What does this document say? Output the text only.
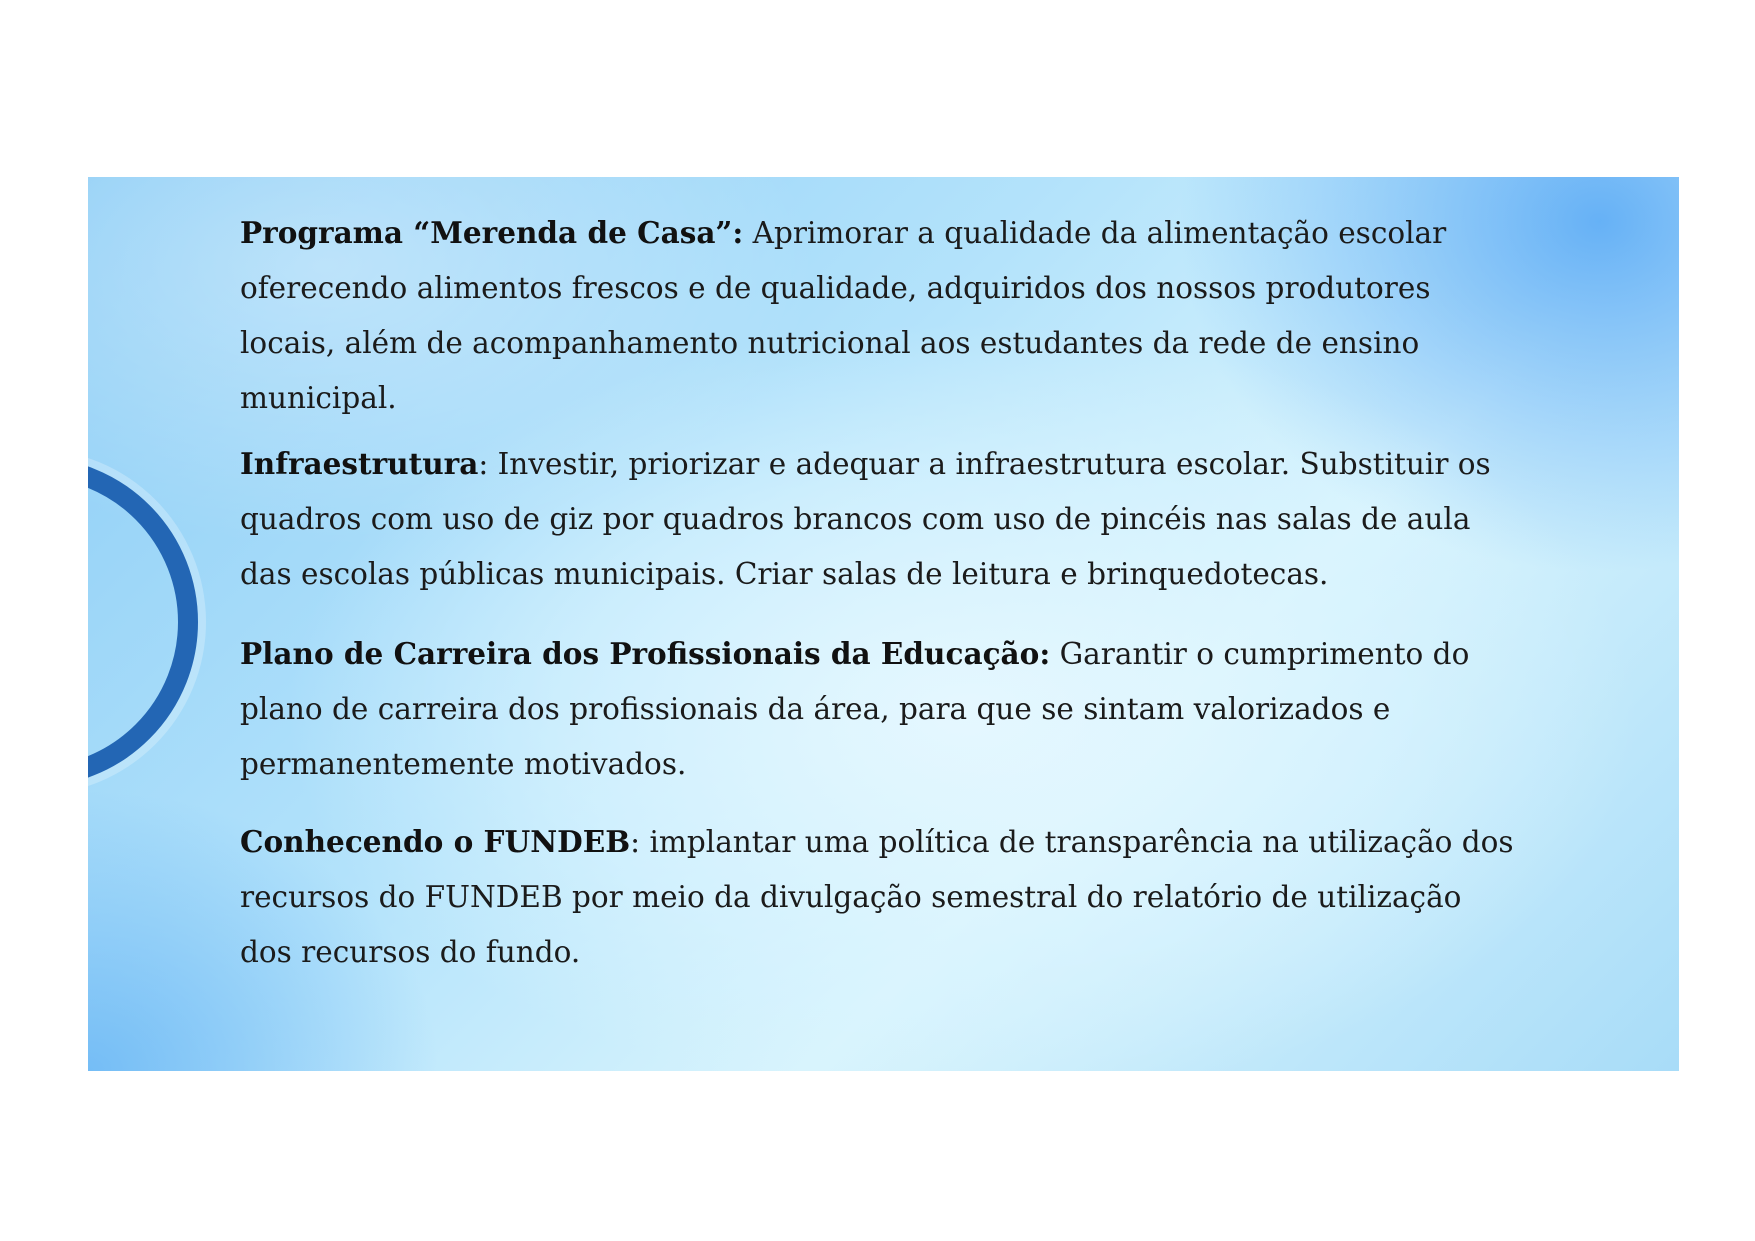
Programa “Merenda de Casa”: Aprimorar a qualidade da alimentação escolar oferecendo alimentos frescos e de qualidade, adquiridos dos nossos produtores locais, além de acompanhamento nutricional aos estudantes da rede de ensino municipal.

Infraestrutura: Investir, priorizar e adequar a infraestrutura escolar. Substituir os quadros com uso de giz por quadros brancos com uso de pincéis nas salas de aula das escolas públicas municipais. Criar salas de leitura e brinquedotecas.

Plano de Carreira dos Profissionais da Educação: Garantir o cumprimento do plano de carreira dos profissionais da área, para que se sintam valorizados e permanentemente motivados.

Conhecendo o FUNDEB: implantar uma política de transparência na utilização dos recursos do FUNDEB por meio da divulgação semestral do relatório de utilização dos recursos do fundo.
